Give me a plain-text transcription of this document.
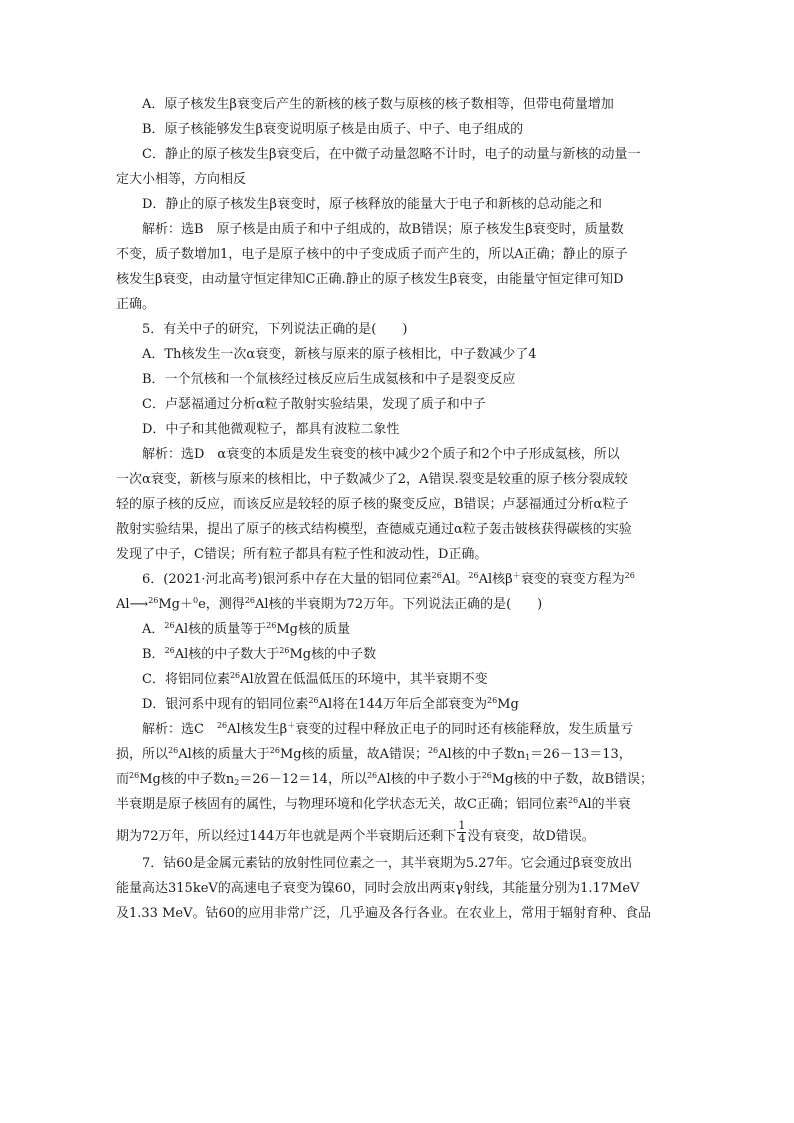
A．原子核发生β衰变后产生的新核的核子数与原核的核子数相等，但带电荷量增加
B．原子核能够发生β衰变说明原子核是由质子、中子、电子组成的
C．静止的原子核发生β衰变后，在中微子动量忽略不计时，电子的动量与新核的动量一
定大小相等，方向相反
D．静止的原子核发生β衰变时，原子核释放的能量大于电子和新核的总动能之和
解析：选B　原子核是由质子和中子组成的，故B错误；原子核发生β衰变时，质量数
不变，质子数增加1，电子是原子核中的中子变成质子而产生的，所以A正确；静止的原子
核发生β衰变，由动量守恒定律知C正确.静止的原子核发生β衰变，由能量守恒定律可知D
正确。
5．有关中子的研究，下列说法正确的是(　　)
A．Th核发生一次α衰变，新核与原来的原子核相比，中子数减少了4
B．一个氘核和一个氚核经过核反应后生成氦核和中子是裂变反应
C．卢瑟福通过分析α粒子散射实验结果，发现了质子和中子
D．中子和其他微观粒子，都具有波粒二象性
解析：选D　α衰变的本质是发生衰变的核中减少2个质子和2个中子形成氦核，所以
一次α衰变，新核与原来的核相比，中子数减少了2，A错误.裂变是较重的原子核分裂成较
轻的原子核的反应，而该反应是较轻的原子核的聚变反应，B错误；卢瑟福通过分析α粒子
散射实验结果，提出了原子的核式结构模型，查德威克通过α粒子轰击铍核获得碳核的实验
发现了中子，C错误；所有粒子都具有粒子性和波动性，D正确。
6．(2021·河北高考)银河系中存在大量的铝同位素$^{26}$Al。$^{26}$Al核β＋衰变的衰变方程为$^{26}$
Al⟶$^{26}$Mg＋$^0$e，测得$^{26}$Al核的半衰期为72万年。下列说法正确的是(　　)
A．$^{26}$Al核的质量等于$^{26}$Mg核的质量
B．$^{26}$Al核的中子数大于$^{26}$Mg核的中子数
C．将铝同位素$^{26}$Al放置在低温低压的环境中，其半衰期不变
D．银河系中现有的铝同位素$^{26}$Al将在144万年后全部衰变为$^{26}$Mg
解析：选C　$^{26}$Al核发生β＋衰变的过程中释放正电子的同时还有核能释放，发生质量亏
损，所以$^{26}$Al核的质量大于$^{26}$Mg核的质量，故A错误；$^{26}$Al核的中子数$n_1=26-13=13$，
而$^{26}$Mg核的中子数$n_2=26-12=14$，所以$^{26}$Al核的中子数小于$^{26}$Mg核的中子数，故B错误；
半衰期是原子核固有的属性，与物理环境和化学状态无关，故C正确；铝同位素$^{26}$Al的半衰
期为72万年，所以经过144万年也就是两个半衰期后还剩下 $\frac{1}{4}$ 没有衰变，故D错误。
7．钴60是金属元素钴的放射性同位素之一，其半衰期为5.27年。它会通过β衰变放出
能量高达315keV的高速电子衰变为镍60，同时会放出两束γ射线，其能量分别为1.17MeV
及1.33 MeV。钴60的应用非常广泛，几乎遍及各行各业。在农业上，常用于辐射育种、食品
